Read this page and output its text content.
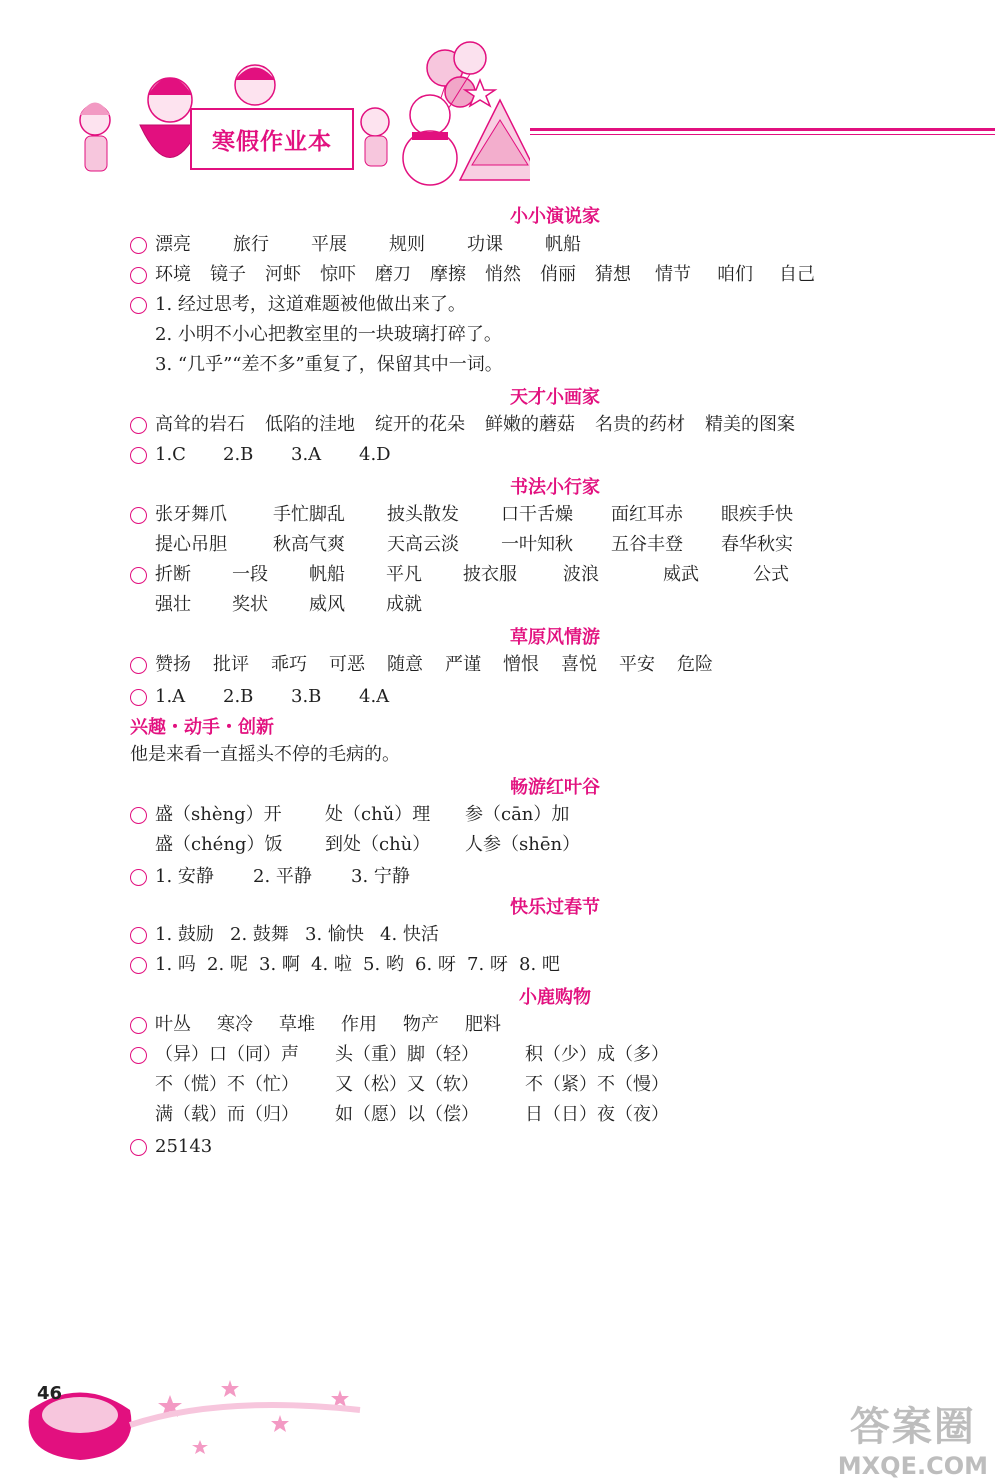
寒假作业本
小小演说家
漂亮 旅行 平展 规则 功课 帆船
环境 镜子 河虾 惊吓 磨刀 摩擦 悄然 俏丽 猜想 情节 咱们 自己
1. 经过思考，这道难题被他做出来了。
2. 小明不小心把教室里的一块玻璃打碎了。
3. “几乎”“差不多”重复了，保留其中一词。
天才小画家
高耸的岩石 低陷的洼地 绽开的花朵 鲜嫩的蘑菇 名贵的药材 精美的图案
1.C 2.B 3.A 4.D
书法小行家
张牙舞爪	手忙脚乱 披头散发 口干舌燥 面红耳赤 眼疾手快
提心吊胆	秋高气爽 天高云淡 一叶知秋 五谷丰登 春华秋实
折断 一段 帆船 平凡 披衣服	波浪	威武	公式
强壮 奖状 威风 成就
草原风情游
赞扬 批评 乖巧 可恶 随意 严谨 憎恨 喜悦 平安 危险
1.A 2.B 3.B 4.A
兴趣・动手・创新
他是来看一直摇头不停的毛病的。
畅游红叶谷
盛（shèng）开 处（chǔ）理 参（cān）加
盛（chéng）饭 到处（chù） 人参（shēn）
1. 安静 2. 平静 3. 宁静
快乐过春节
1. 鼓励 2. 鼓舞 3. 愉快 4. 快活
1. 吗 2. 呢 3. 啊 4. 啦 5. 哟 6. 呀 7. 呀 8. 吧
小鹿购物
叶丛 寒冷 草堆 作用 物产 肥料
（异）口（同）声 头（重）脚（轻）	积（少）成（多）
不（慌）不（忙） 又（松）又（软）	不（紧）不（慢）
满（载）而（归） 如（愿）以（偿）	日（日）夜（夜）
25143
46
答案圈
MXQE.COM
